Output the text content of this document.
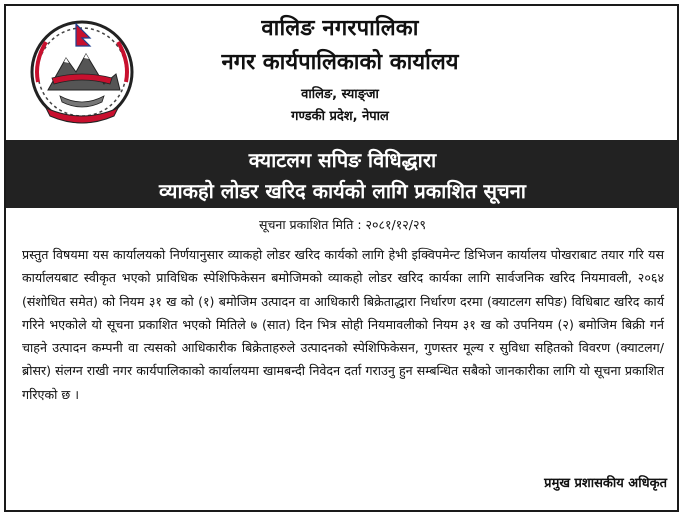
वालिङ नगरपालिका
नगर कार्यपालिकाको कार्यालय
वालिङ, स्याङ्जा
गण्डकी प्रदेश, नेपाल
क्याटलग सपिङ विधिद्धारा
व्याकहो लोडर खरिद कार्यको लागि प्रकाशित सूचना
सूचना प्रकाशित मिति : २०८१/१२/२९
प्रस्तुत विषयमा यस कार्यालयको निर्णयानुसार व्याकहो लोडर खरिद कार्यको लागि हेभी इक्विपमेन्ट डिभिजन कार्यालय पोखराबाट तयार गरि यस कार्यालयबाट स्वीकृत भएको प्राविधिक स्पेशिफिकेसन बमोजिमको व्याकहो लोडर खरिद कार्यका लागि सार्वजनिक खरिद नियमावली, २०६४ (संशोधित समेत) को नियम ३१ ख को (१) बमोजिम उत्पादन वा आधिकारी बिक्रेताद्धारा निर्धारण दरमा (क्याटलग सपिङ) विधिबाट खरिद कार्य गरिने भएकोले यो सूचना प्रकाशित भएको मितिले ७ (सात) दिन भित्र सोही नियमावलीको नियम ३१ ख को उपनियम (२) बमोजिम बिक्री गर्न चाहने उत्पादन कम्पनी वा त्यसको आधिकारीक बिक्रेताहरुले उत्पादनको स्पेशिफिकेसन, गुणस्तर मूल्य र सुविधा सहितको विवरण (क्याटलग/ब्रोसर) संलग्न राखी नगर कार्यपालिकाको कार्यालयमा खामबन्दी निवेदन दर्ता गराउनु हुन सम्बन्धित सबैको जानकारीका लागि यो सूचना प्रकाशित गरिएको छ ।
प्रमुख प्रशासकीय अधिकृत
